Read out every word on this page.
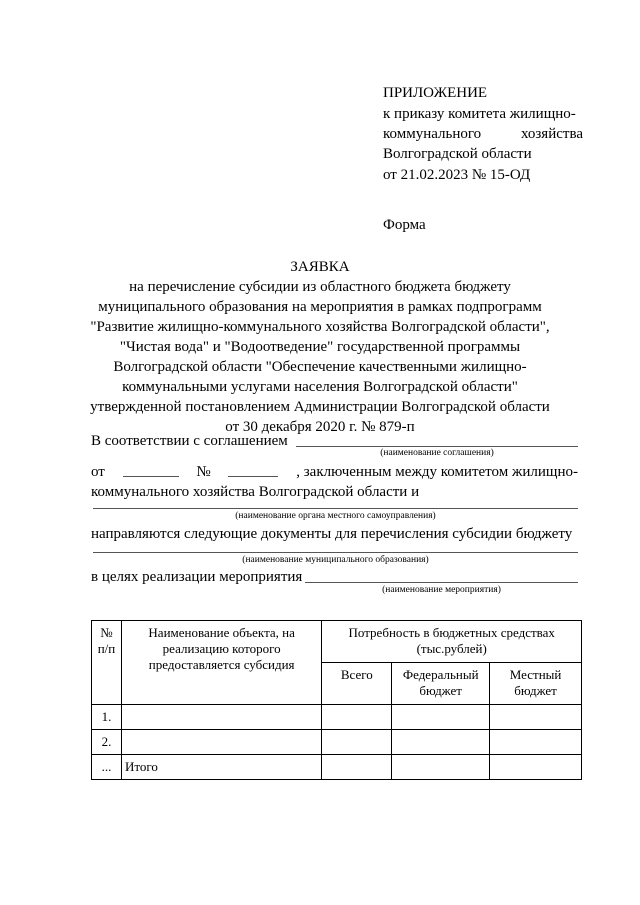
ПРИЛОЖЕНИЕ
к приказу комитета жилищно-
коммунального	хозяйства
Волгоградской области
от 21.02.2023 № 15-ОД
Форма
ЗАЯВКА
на перечисление субсидии из областного бюджета бюджету
муниципального образования на мероприятия в рамках подпрограмм
"Развитие жилищно-коммунального хозяйства Волгоградской области",
"Чистая вода" и "Водоотведение" государственной программы
Волгоградской области "Обеспечение качественными жилищно-
коммунальными услугами населения Волгоградской области"
утвержденной постановлением Администрации Волгоградской области
от 30 декабря 2020 г. № 879-п
В соответствии с соглашением
(наименование соглашения)
от	№	, заключенным между комитетом жилищно-
коммунального хозяйства Волгоградской области и
(наименование органа местного самоуправления)
направляются следующие документы для перечисления субсидии бюджету
(наименование муниципального образования)
в целях реализации мероприятия
(наименование мероприятия)
№ п/п	Наименование объекта, на реализацию которого предоставляется субсидия	Потребность в бюджетных средствах (тыс.рублей)		
		Всего	Федеральный бюджет	Местный бюджет
1.				
2.				
...	Итого			
